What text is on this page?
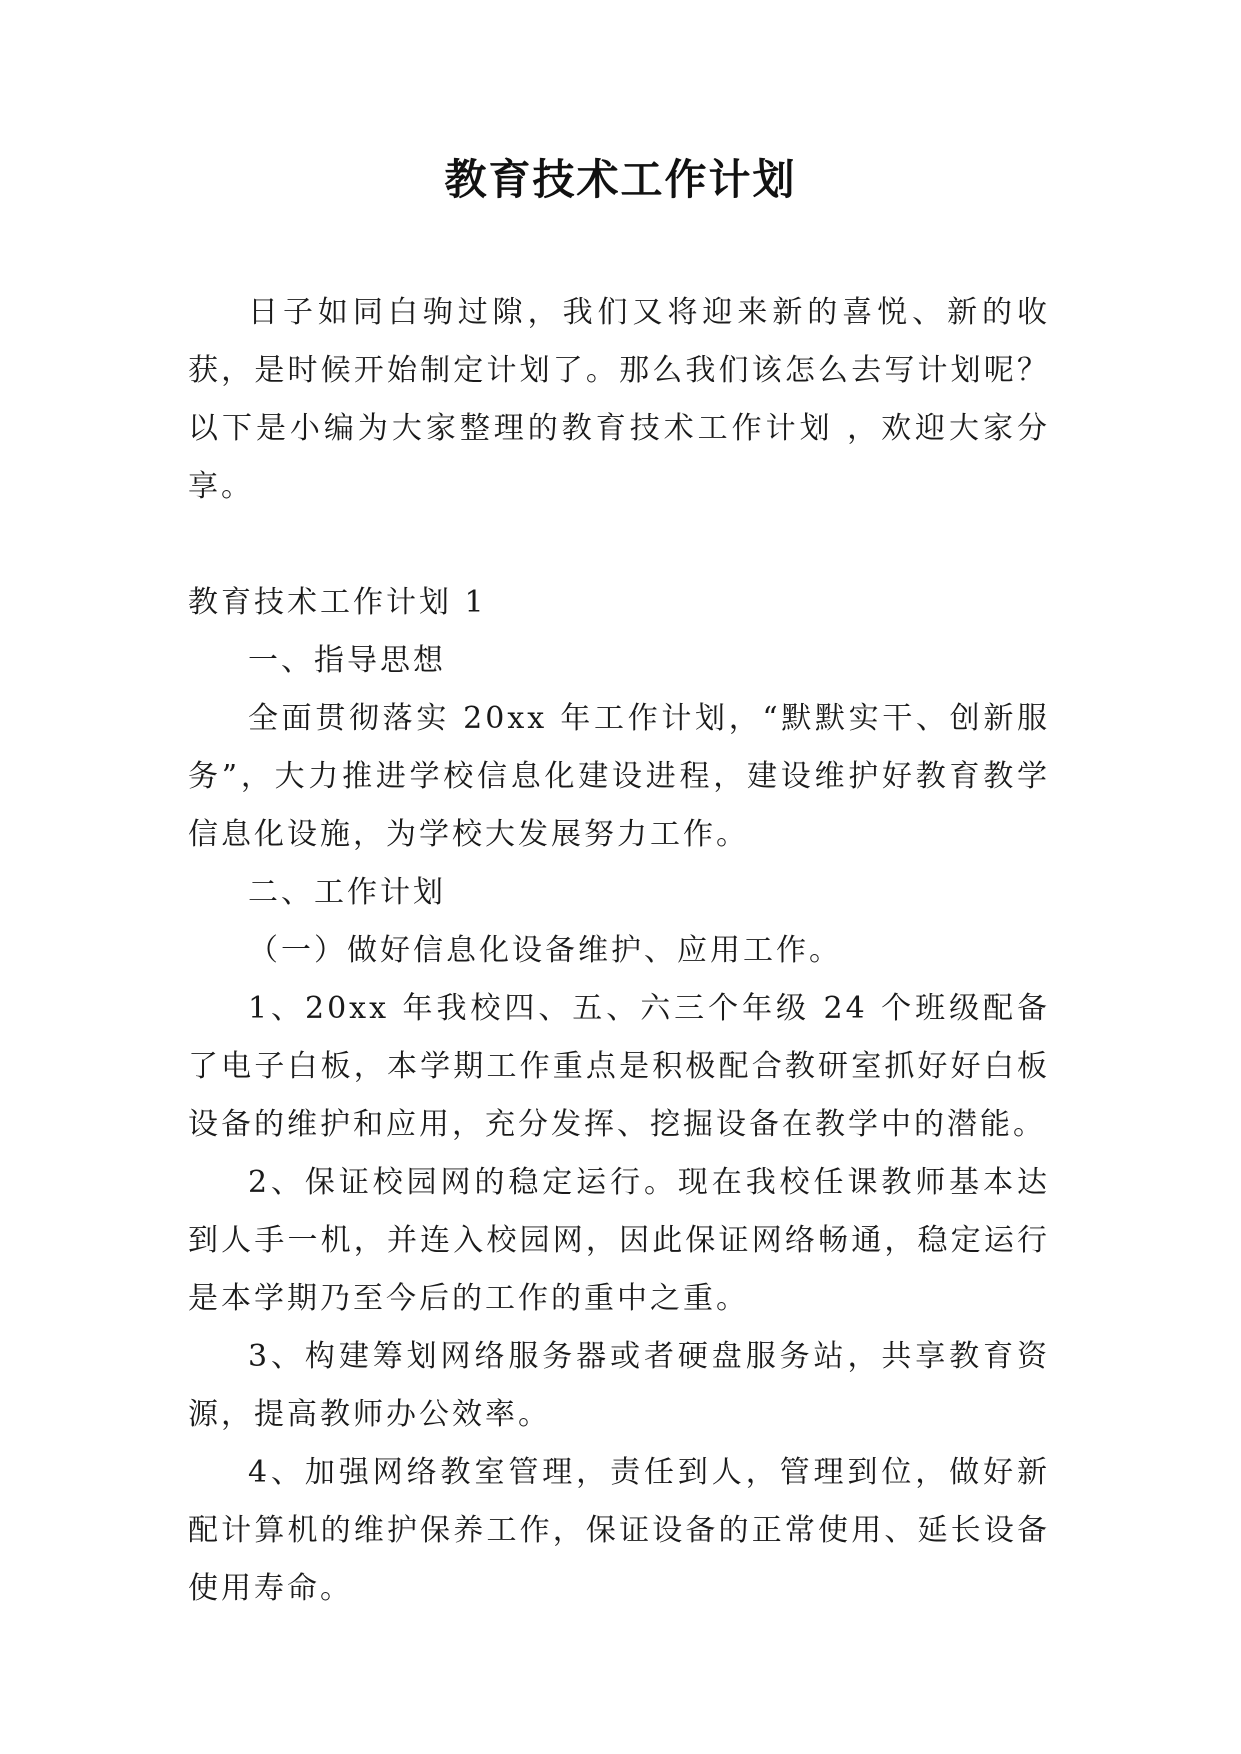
教育技术工作计划

日子如同白驹过隙，我们又将迎来新的喜悦、新的收获，是时候开始制定计划了。那么我们该怎么去写计划呢？以下是小编为大家整理的教育技术工作计划 ，欢迎大家分享。

教育技术工作计划 1

一、指导思想

全面贯彻落实 20xx 年工作计划，“默默实干、创新服务”，大力推进学校信息化建设进程，建设维护好教育教学信息化设施，为学校大发展努力工作。

二、工作计划

（一）做好信息化设备维护、应用工作。

1、20xx 年我校四、五、六三个年级 24 个班级配备了电子白板，本学期工作重点是积极配合教研室抓好好白板设备的维护和应用，充分发挥、挖掘设备在教学中的潜能。

2、保证校园网的稳定运行。现在我校任课教师基本达到人手一机，并连入校园网，因此保证网络畅通，稳定运行是本学期乃至今后的工作的重中之重。

3、构建筹划网络服务器或者硬盘服务站，共享教育资源，提高教师办公效率。

4、加强网络教室管理，责任到人，管理到位，做好新配计算机的维护保养工作，保证设备的正常使用、延长设备使用寿命。
